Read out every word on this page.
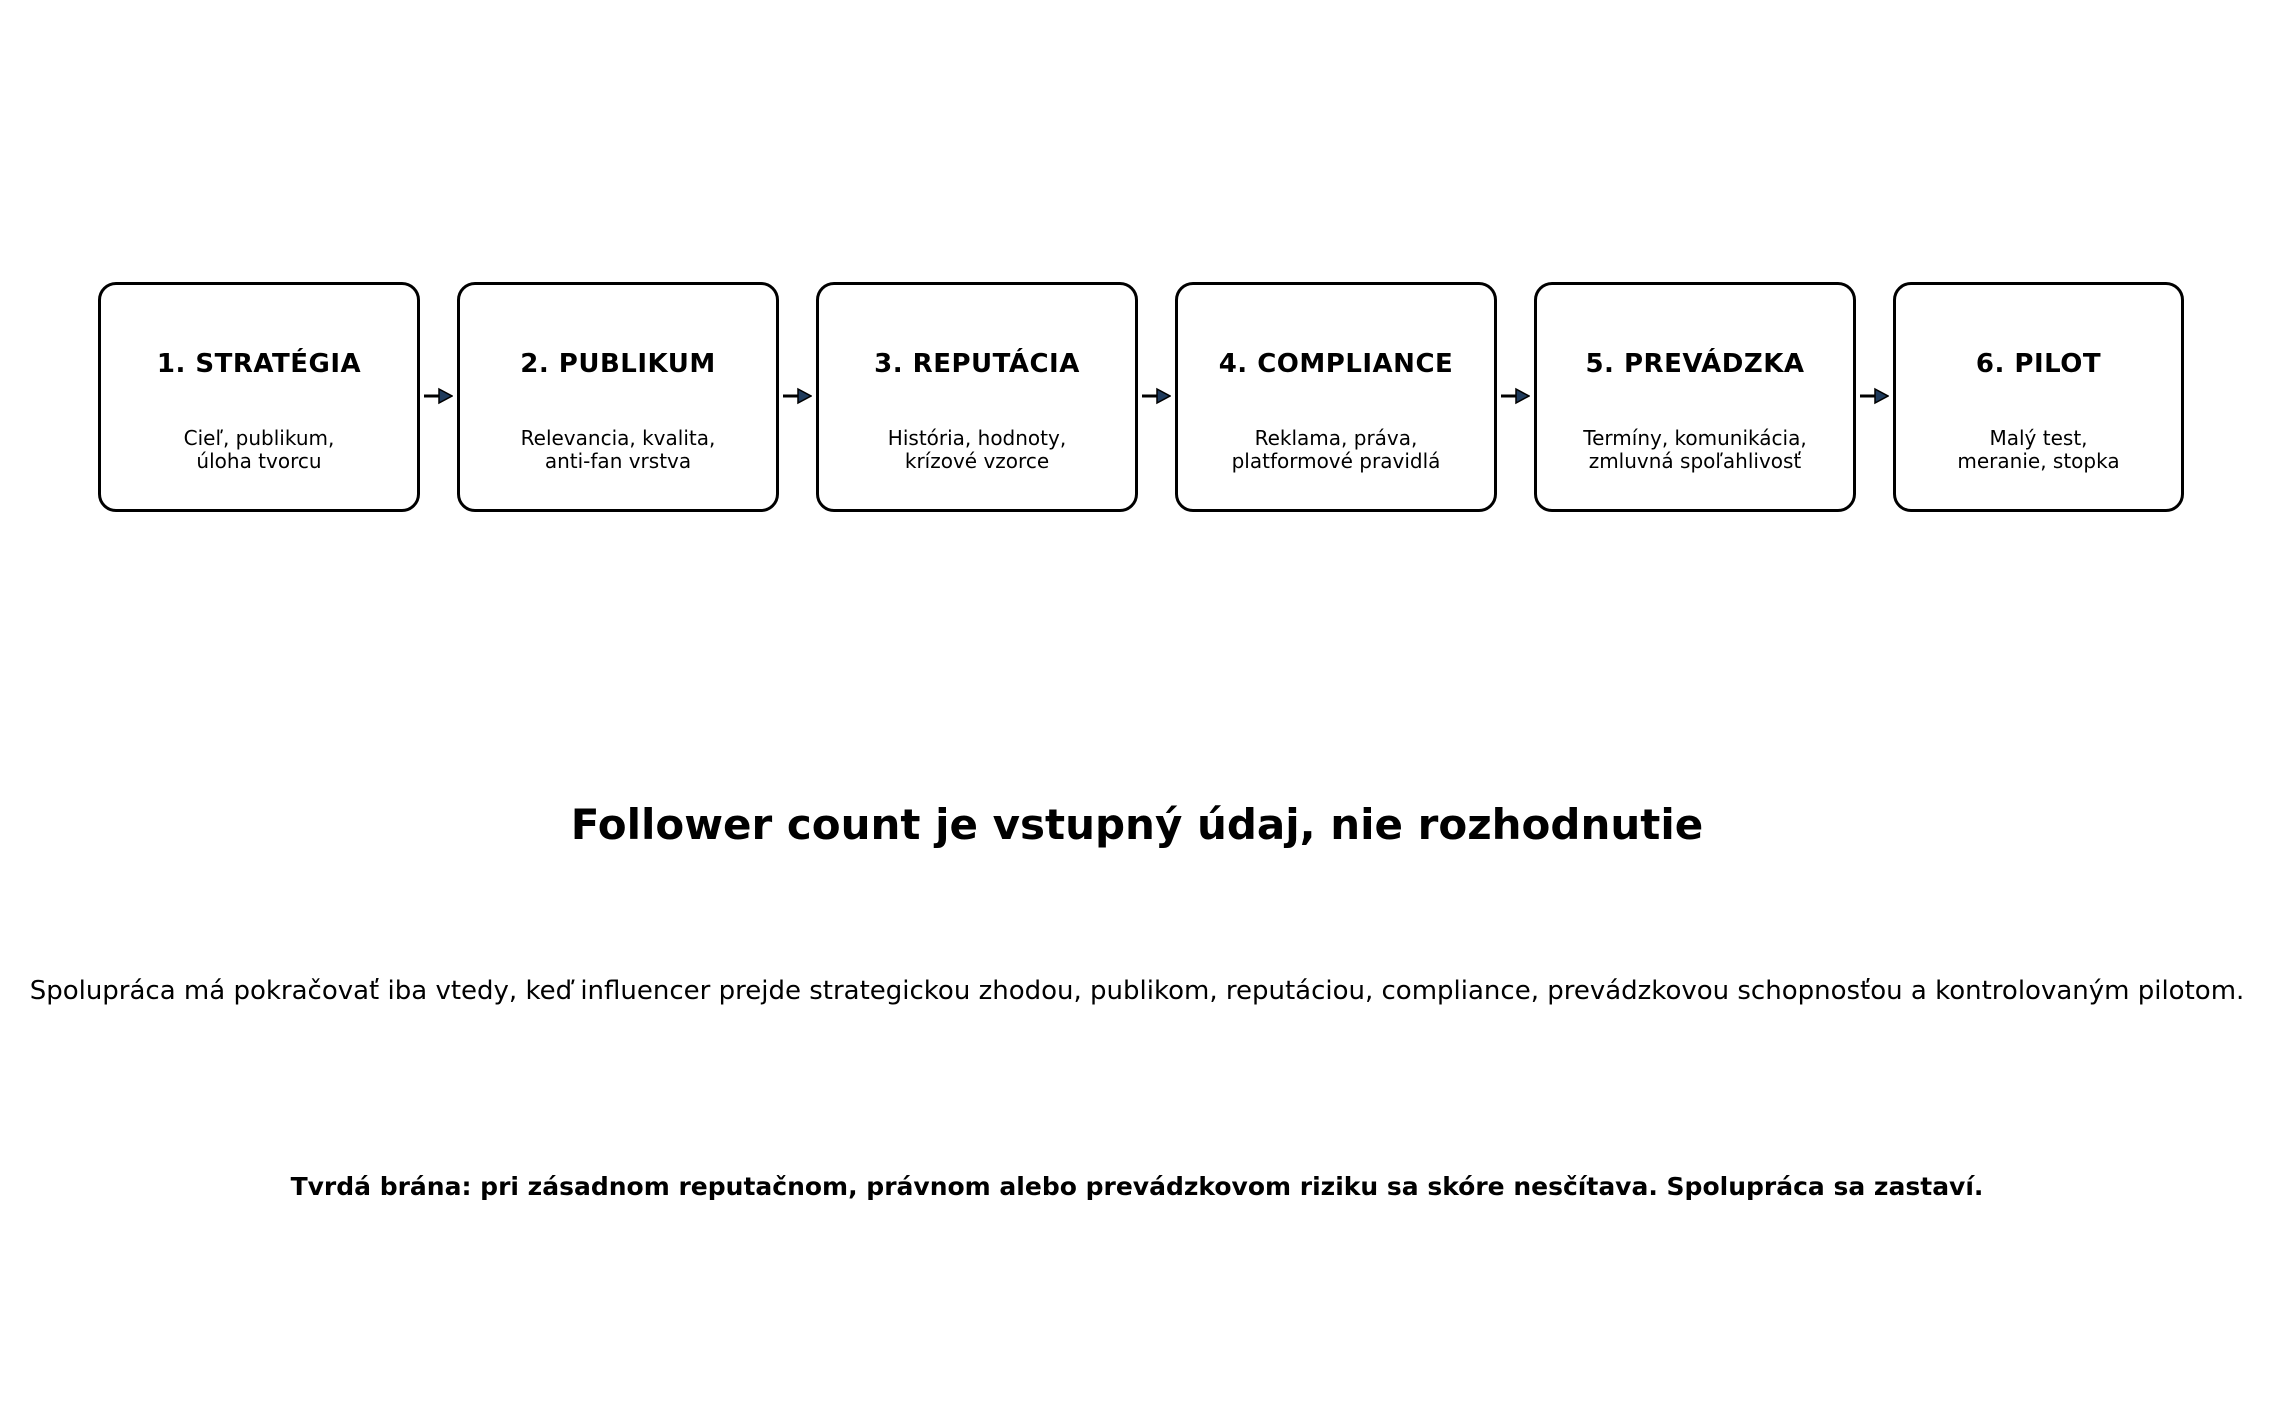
1. STRATÉGIA
Cieľ, publikum,
úloha tvorcu
2. PUBLIKUM
Relevancia, kvalita,
anti-fan vrstva
3. REPUTÁCIA
História, hodnoty,
krízové vzorce
4. COMPLIANCE
Reklama, práva,
platformové pravidlá
5. PREVÁDZKA
Termíny, komunikácia,
zmluvná spoľahlivosť
6. PILOT
Malý test,
meranie, stopka
Follower count je vstupný údaj, nie rozhodnutie
Spolupráca má pokračovať iba vtedy, keď influencer prejde strategickou zhodou, publikom, reputáciou, compliance, prevádzkovou schopnosťou a kontrolovaným pilotom.
Tvrdá brána: pri zásadnom reputačnom, právnom alebo prevádzkovom riziku sa skóre nesčítava. Spolupráca sa zastaví.
